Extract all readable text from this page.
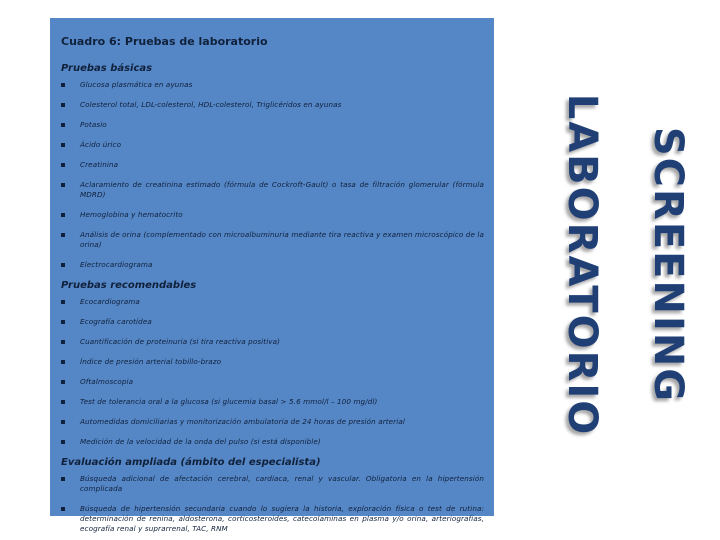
Cuadro 6: Pruebas de laboratorio
Pruebas básicas
Glucosa plasmática en ayunas
Colesterol total, LDL-colesterol, HDL-colesterol, Triglicéridos en ayunas
Potasio
Ácido úrico
Creatinina
Aclaramiento de creatinina estimado (fórmula de Cockroft-Gault) o tasa de filtración glomerular (fórmula MDRD)
Hemoglobina y hematocrito
Análisis de orina (complementado con microalbuminuria mediante tira reactiva y examen microscópico de la orina)
Electrocardiograma
Pruebas recomendables
Ecocardiograma
Ecografía carotídea
Cuantificación de proteinuria (si tira reactiva positiva)
Índice de presión arterial tobillo-brazo
Oftalmoscopia
Test de tolerancia oral a la glucosa (si glucemia basal > 5.6 mmol/l – 100 mg/dl)
Automedidas domiciliarias y monitorización ambulatoria de 24 horas de presión arterial
Medición de la velocidad de la onda del pulso (si está disponible)
Evaluación ampliada (ámbito del especialista)
Búsqueda adicional de afectación cerebral, cardiaca, renal y vascular. Obligatoria en la hipertensión complicada
Búsqueda de hipertensión secundaria cuando lo sugiera la historia, exploración física o test de rutina: determinación de renina, aldosterona, corticosteroides, catecolaminas en plasma y/o orina, arteriografías, ecografía renal y suprarrenal, TAC, RNM
SCREENING
LABORATORIO
